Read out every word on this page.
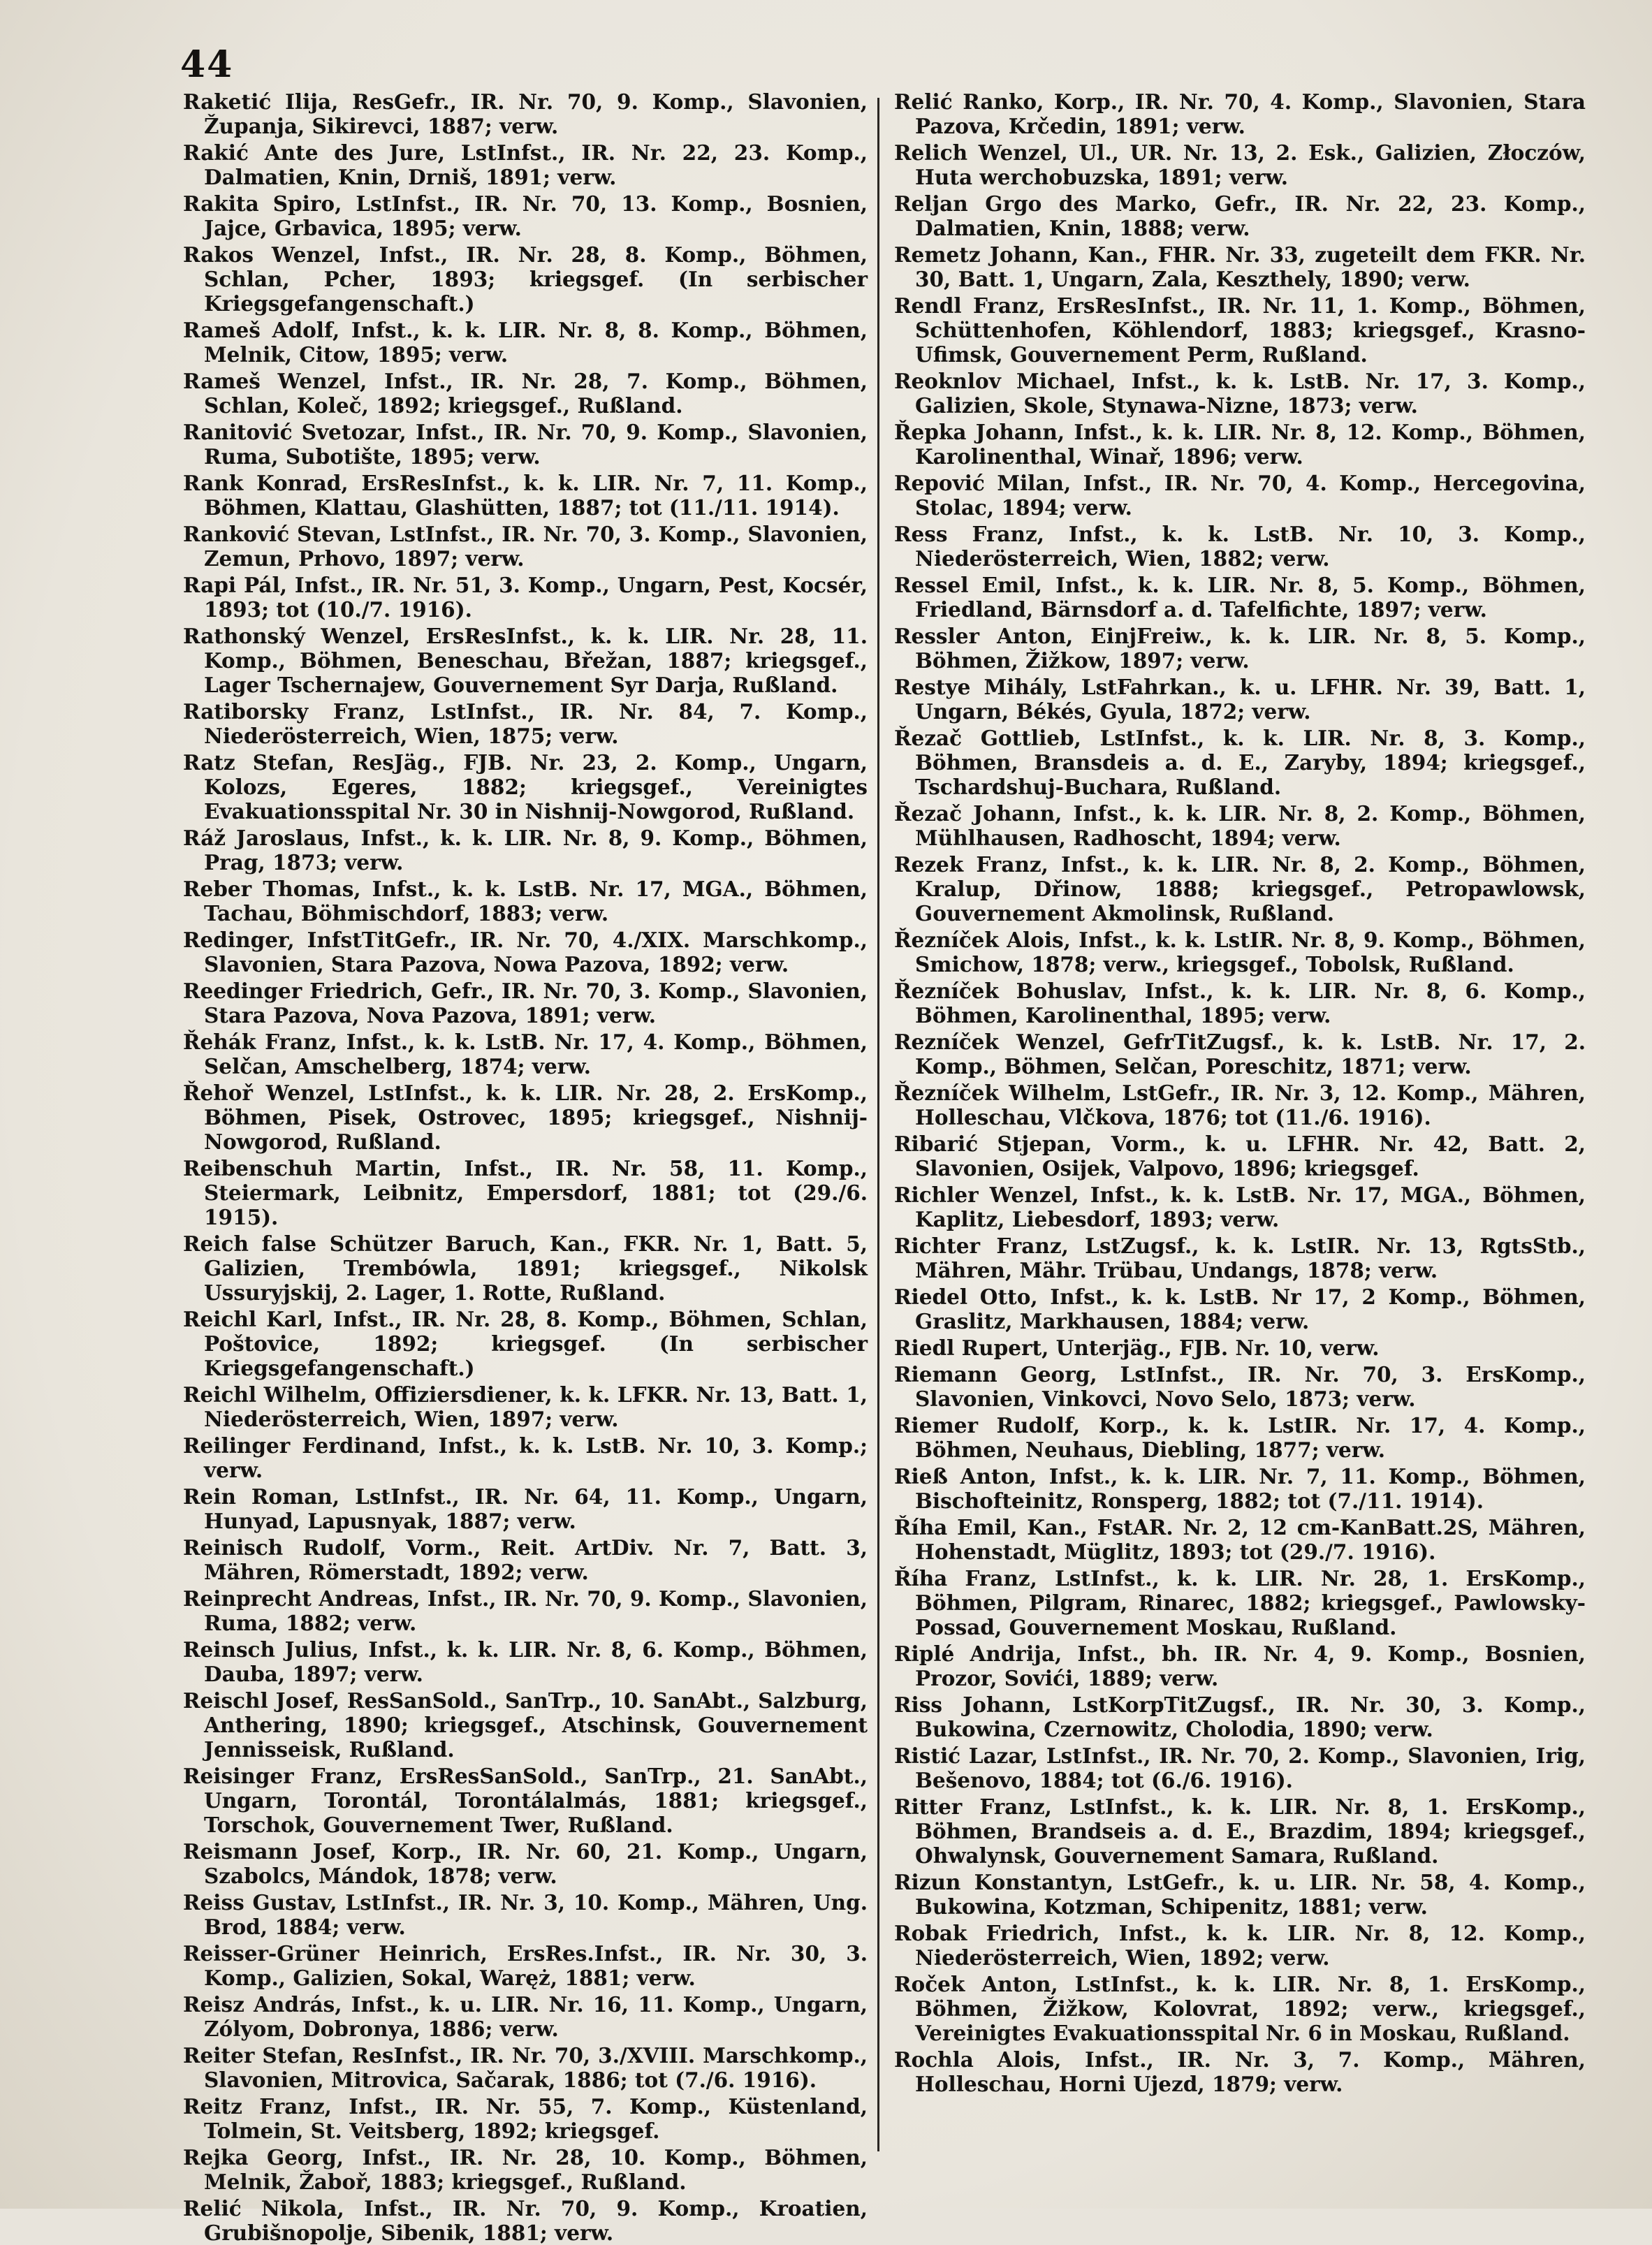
44

Raketić Ilija, ResGefr., IR. Nr. 70, 9. Komp., Slavonien, Županja, Sikirevci, 1887; verw.

Rakić Ante des Jure, LstInfst., IR. Nr. 22, 23. Komp., Dalmatien, Knin, Drniš, 1891; verw.

Rakita Spiro, LstInfst., IR. Nr. 70, 13. Komp., Bosnien, Jajce, Grbavica, 1895; verw.

Rakos Wenzel, Infst., IR. Nr. 28, 8. Komp., Böhmen, Schlan, Pcher, 1893; kriegsgef. (In serbischer Kriegsgefangenschaft.)

Rameš Adolf, Infst., k. k. LIR. Nr. 8, 8. Komp., Böhmen, Melnik, Citow, 1895; verw.

Rameš Wenzel, Infst., IR. Nr. 28, 7. Komp., Böhmen, Schlan, Koleč, 1892; kriegsgef., Rußland.

Ranitović Svetozar, Infst., IR. Nr. 70, 9. Komp., Slavonien, Ruma, Subotište, 1895; verw.

Rank Konrad, ErsResInfst., k. k. LIR. Nr. 7, 11. Komp., Böhmen, Klattau, Glashütten, 1887; tot (11./11. 1914).

Ranković Stevan, LstInfst., IR. Nr. 70, 3. Komp., Slavonien, Zemun, Prhovo, 1897; verw.

Rapi Pál, Infst., IR. Nr. 51, 3. Komp., Ungarn, Pest, Kocsér, 1893; tot (10./7. 1916).

Rathonský Wenzel, ErsResInfst., k. k. LIR. Nr. 28, 11. Komp., Böhmen, Beneschau, Břežan, 1887; kriegsgef., Lager Tschernajew, Gouvernement Syr Darja, Rußland.

Ratiborsky Franz, LstInfst., IR. Nr. 84, 7. Komp., Niederösterreich, Wien, 1875; verw.

Ratz Stefan, ResJäg., FJB. Nr. 23, 2. Komp., Ungarn, Kolozs, Egeres, 1882; kriegsgef., Vereinigtes Evakuationsspital Nr. 30 in Nishnij-Nowgorod, Rußland.

Ráž Jaroslaus, Infst., k. k. LIR. Nr. 8, 9. Komp., Böhmen, Prag, 1873; verw.

Reber Thomas, Infst., k. k. LstB. Nr. 17, MGA., Böhmen, Tachau, Böhmischdorf, 1883; verw.

Redinger, InfstTitGefr., IR. Nr. 70, 4./XIX. Marschkomp., Slavonien, Stara Pazova, Nowa Pazova, 1892; verw.

Reedinger Friedrich, Gefr., IR. Nr. 70, 3. Komp., Slavonien, Stara Pazova, Nova Pazova, 1891; verw.

Řehák Franz, Infst., k. k. LstB. Nr. 17, 4. Komp., Böhmen, Selčan, Amschelberg, 1874; verw.

Řehoř Wenzel, LstInfst., k. k. LIR. Nr. 28, 2. ErsKomp., Böhmen, Pisek, Ostrovec, 1895; kriegsgef., Nishnij-Nowgorod, Rußland.

Reibenschuh Martin, Infst., IR. Nr. 58, 11. Komp., Steiermark, Leibnitz, Empersdorf, 1881; tot (29./6. 1915).

Reich false Schützer Baruch, Kan., FKR. Nr. 1, Batt. 5, Galizien, Trembówla, 1891; kriegsgef., Nikolsk Ussuryjskij, 2. Lager, 1. Rotte, Rußland.

Reichl Karl, Infst., IR. Nr. 28, 8. Komp., Böhmen, Schlan, Poštovice, 1892; kriegsgef. (In serbischer Kriegsgefangenschaft.)

Reichl Wilhelm, Offiziersdiener, k. k. LFKR. Nr. 13, Batt. 1, Niederösterreich, Wien, 1897; verw.

Reilinger Ferdinand, Infst., k. k. LstB. Nr. 10, 3. Komp.; verw.

Rein Roman, LstInfst., IR. Nr. 64, 11. Komp., Ungarn, Hunyad, Lapusnyak, 1887; verw.

Reinisch Rudolf, Vorm., Reit. ArtDiv. Nr. 7, Batt. 3, Mähren, Römerstadt, 1892; verw.

Reinprecht Andreas, Infst., IR. Nr. 70, 9. Komp., Slavonien, Ruma, 1882; verw.

Reinsch Julius, Infst., k. k. LIR. Nr. 8, 6. Komp., Böhmen, Dauba, 1897; verw.

Reischl Josef, ResSanSold., SanTrp., 10. SanAbt., Salzburg, Anthering, 1890; kriegsgef., Atschinsk, Gouvernement Jennisseisk, Rußland.

Reisinger Franz, ErsResSanSold., SanTrp., 21. SanAbt., Ungarn, Torontál, Torontálalmás, 1881; kriegsgef., Torschok, Gouvernement Twer, Rußland.

Reismann Josef, Korp., IR. Nr. 60, 21. Komp., Ungarn, Szabolcs, Mándok, 1878; verw.

Reiss Gustav, LstInfst., IR. Nr. 3, 10. Komp., Mähren, Ung. Brod, 1884; verw.

Reisser-Grüner Heinrich, ErsRes.Infst., IR. Nr. 30, 3. Komp., Galizien, Sokal, Waręż, 1881; verw.

Reisz András, Infst., k. u. LIR. Nr. 16, 11. Komp., Ungarn, Zólyom, Dobronya, 1886; verw.

Reiter Stefan, ResInfst., IR. Nr. 70, 3./XVIII. Marschkomp., Slavonien, Mitrovica, Sačarak, 1886; tot (7./6. 1916).

Reitz Franz, Infst., IR. Nr. 55, 7. Komp., Küstenland, Tolmein, St. Veitsberg, 1892; kriegsgef.

Rejka Georg, Infst., IR. Nr. 28, 10. Komp., Böhmen, Melnik, Žaboř, 1883; kriegsgef., Rußland.

Relić Nikola, Infst., IR. Nr. 70, 9. Komp., Kroatien, Grubišnopolje, Sibenik, 1881; verw.

Relić Ranko, Korp., IR. Nr. 70, 4. Komp., Slavonien, Stara Pazova, Krčedin, 1891; verw.

Relich Wenzel, Ul., UR. Nr. 13, 2. Esk., Galizien, Złoczów, Huta werchobuzska, 1891; verw.

Reljan Grgo des Marko, Gefr., IR. Nr. 22, 23. Komp., Dalmatien, Knin, 1888; verw.

Remetz Johann, Kan., FHR. Nr. 33, zugeteilt dem FKR. Nr. 30, Batt. 1, Ungarn, Zala, Keszthely, 1890; verw.

Rendl Franz, ErsResInfst., IR. Nr. 11, 1. Komp., Böhmen, Schüttenhofen, Köhlendorf, 1883; kriegsgef., Krasno-Ufimsk, Gouvernement Perm, Rußland.

Reoknlov Michael, Infst., k. k. LstB. Nr. 17, 3. Komp., Galizien, Skole, Stynawa-Nizne, 1873; verw.

Řepka Johann, Infst., k. k. LIR. Nr. 8, 12. Komp., Böhmen, Karolinenthal, Winař, 1896; verw.

Repović Milan, Infst., IR. Nr. 70, 4. Komp., Hercegovina, Stolac, 1894; verw.

Ress Franz, Infst., k. k. LstB. Nr. 10, 3. Komp., Niederösterreich, Wien, 1882; verw.

Ressel Emil, Infst., k. k. LIR. Nr. 8, 5. Komp., Böhmen, Friedland, Bärnsdorf a. d. Tafelfichte, 1897; verw.

Ressler Anton, EinjFreiw., k. k. LIR. Nr. 8, 5. Komp., Böhmen, Žižkow, 1897; verw.

Restye Mihály, LstFahrkan., k. u. LFHR. Nr. 39, Batt. 1, Ungarn, Békés, Gyula, 1872; verw.

Řezač Gottlieb, LstInfst., k. k. LIR. Nr. 8, 3. Komp., Böhmen, Bransdeis a. d. E., Zaryby, 1894; kriegsgef., Tschardshuj-Buchara, Rußland.

Řezač Johann, Infst., k. k. LIR. Nr. 8, 2. Komp., Böhmen, Mühlhausen, Radhoscht, 1894; verw.

Rezek Franz, Infst., k. k. LIR. Nr. 8, 2. Komp., Böhmen, Kralup, Dřinow, 1888; kriegsgef., Petropawlowsk, Gouvernement Akmolinsk, Rußland.

Řezníček Alois, Infst., k. k. LstIR. Nr. 8, 9. Komp., Böhmen, Smichow, 1878; verw., kriegsgef., Tobolsk, Rußland.

Řezníček Bohuslav, Infst., k. k. LIR. Nr. 8, 6. Komp., Böhmen, Karolinenthal, 1895; verw.

Rezníček Wenzel, GefrTitZugsf., k. k. LstB. Nr. 17, 2. Komp., Böhmen, Selčan, Poreschitz, 1871; verw.

Řezníček Wilhelm, LstGefr., IR. Nr. 3, 12. Komp., Mähren, Holleschau, Vlčkova, 1876; tot (11./6. 1916).

Ribarić Stjepan, Vorm., k. u. LFHR. Nr. 42, Batt. 2, Slavonien, Osijek, Valpovo, 1896; kriegsgef.

Richler Wenzel, Infst., k. k. LstB. Nr. 17, MGA., Böhmen, Kaplitz, Liebesdorf, 1893; verw.

Richter Franz, LstZugsf., k. k. LstIR. Nr. 13, RgtsStb., Mähren, Mähr. Trübau, Undangs, 1878; verw.

Riedel Otto, Infst., k. k. LstB. Nr 17, 2 Komp., Böhmen, Graslitz, Markhausen, 1884; verw.

Riedl Rupert, Unterjäg., FJB. Nr. 10, verw.

Riemann Georg, LstInfst., IR. Nr. 70, 3. ErsKomp., Slavonien, Vinkovci, Novo Selo, 1873; verw.

Riemer Rudolf, Korp., k. k. LstIR. Nr. 17, 4. Komp., Böhmen, Neuhaus, Diebling, 1877; verw.

Rieß Anton, Infst., k. k. LIR. Nr. 7, 11. Komp., Böhmen, Bischofteinitz, Ronsperg, 1882; tot (7./11. 1914).

Říha Emil, Kan., FstAR. Nr. 2, 12 cm-KanBatt.2S, Mähren, Hohenstadt, Müglitz, 1893; tot (29./7. 1916).

Říha Franz, LstInfst., k. k. LIR. Nr. 28, 1. ErsKomp., Böhmen, Pilgram, Rinarec, 1882; kriegsgef., Pawlowsky-Possad, Gouvernement Moskau, Rußland.

Riplé Andrija, Infst., bh. IR. Nr. 4, 9. Komp., Bosnien, Prozor, Sovići, 1889; verw.

Riss Johann, LstKorpTitZugsf., IR. Nr. 30, 3. Komp., Bukowina, Czernowitz, Cholodia, 1890; verw.

Ristić Lazar, LstInfst., IR. Nr. 70, 2. Komp., Slavonien, Irig, Bešenovo, 1884; tot (6./6. 1916).

Ritter Franz, LstInfst., k. k. LIR. Nr. 8, 1. ErsKomp., Böhmen, Brandseis a. d. E., Brazdim, 1894; kriegsgef., Ohwalynsk, Gouvernement Samara, Rußland.

Rizun Konstantyn, LstGefr., k. u. LIR. Nr. 58, 4. Komp., Bukowina, Kotzman, Schipenitz, 1881; verw.

Robak Friedrich, Infst., k. k. LIR. Nr. 8, 12. Komp., Niederösterreich, Wien, 1892; verw.

Roček Anton, LstInfst., k. k. LIR. Nr. 8, 1. ErsKomp., Böhmen, Žižkow, Kolovrat, 1892; verw., kriegsgef., Vereinigtes Evakuationsspital Nr. 6 in Moskau, Rußland.

Rochla Alois, Infst., IR. Nr. 3, 7. Komp., Mähren, Holleschau, Horni Ujezd, 1879; verw.
